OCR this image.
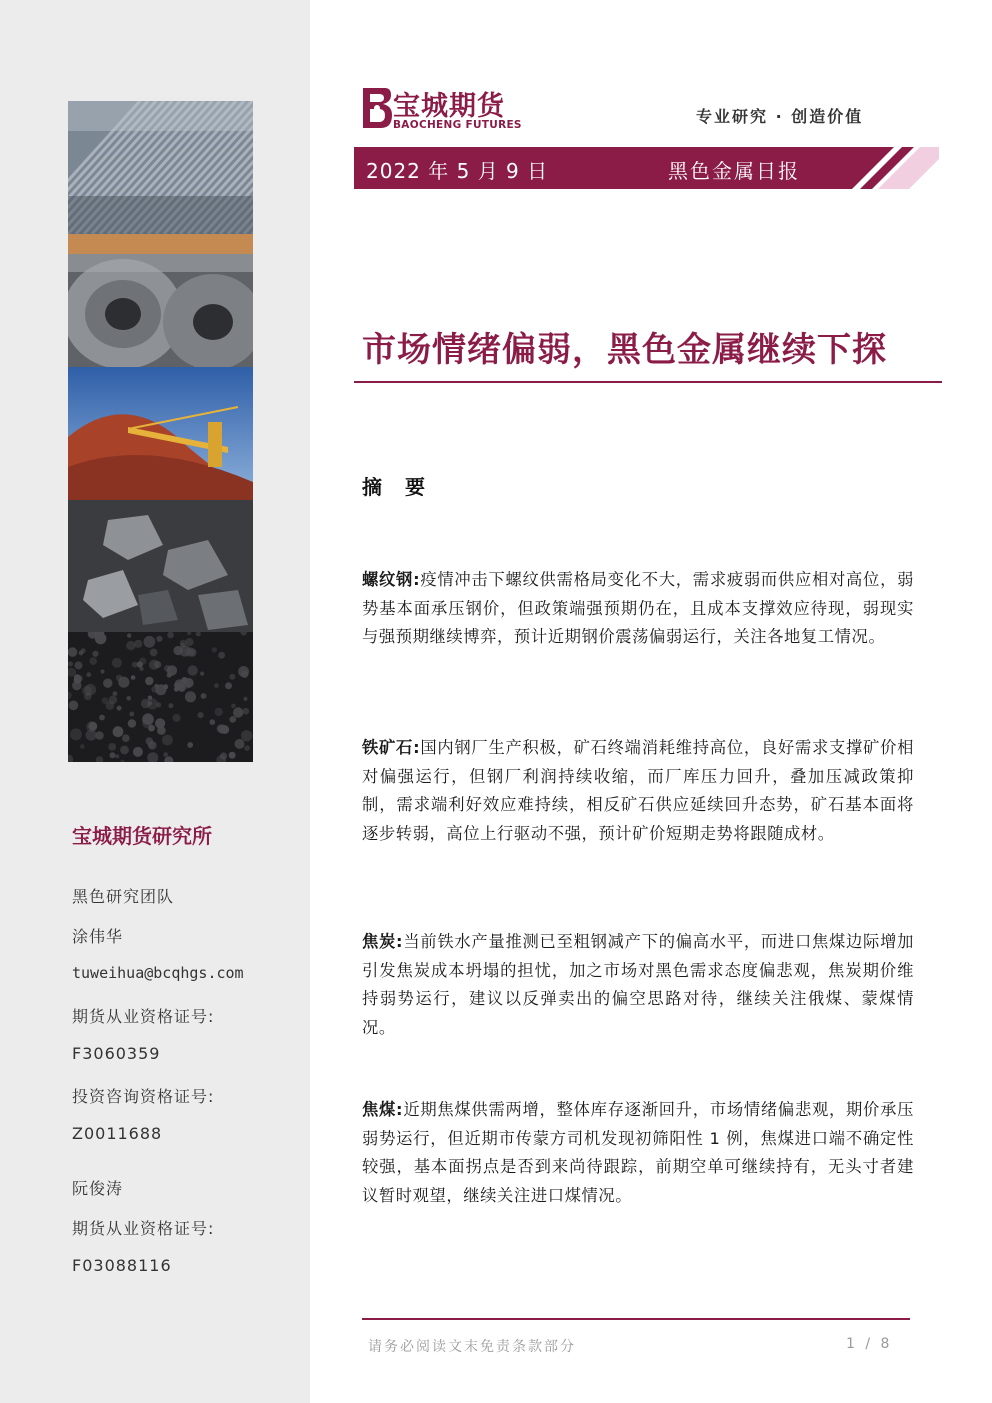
宝城期货研究所
黑色研究团队
涂伟华
tuweihua@bcqhgs.com
期货从业资格证号:
F3060359
投资咨询资格证号:
Z0011688
阮俊涛
期货从业资格证号:
F03088116
宝城期货
BAOCHENG FUTURES	专业研究 · 创造价值
2022 年 5 月 9 日	黑色金属日报
市场情绪偏弱，黑色金属继续下探
摘 要
螺纹钢:疫情冲击下螺纹供需格局变化不大，需求疲弱而供应相对高位，弱势基本面承压钢价，但政策端强预期仍在，且成本支撑效应待现，弱现实与强预期继续博弈，预计近期钢价震荡偏弱运行，关注各地复工情况。
铁矿石:国内钢厂生产积极，矿石终端消耗维持高位，良好需求支撑矿价相对偏强运行，但钢厂利润持续收缩，而厂库压力回升，叠加压减政策抑制，需求端利好效应难持续，相反矿石供应延续回升态势，矿石基本面将逐步转弱，高位上行驱动不强，预计矿价短期走势将跟随成材。
焦炭:当前铁水产量推测已至粗钢减产下的偏高水平，而进口焦煤边际增加引发焦炭成本坍塌的担忧，加之市场对黑色需求态度偏悲观，焦炭期价维持弱势运行，建议以反弹卖出的偏空思路对待，继续关注俄煤、蒙煤情况。
焦煤:近期焦煤供需两增，整体库存逐渐回升，市场情绪偏悲观，期价承压弱势运行，但近期市传蒙方司机发现初筛阳性 1 例，焦煤进口端不确定性较强，基本面拐点是否到来尚待跟踪，前期空单可继续持有，无头寸者建议暂时观望，继续关注进口煤情况。
请务必阅读文末免责条款部分	1 / 8
